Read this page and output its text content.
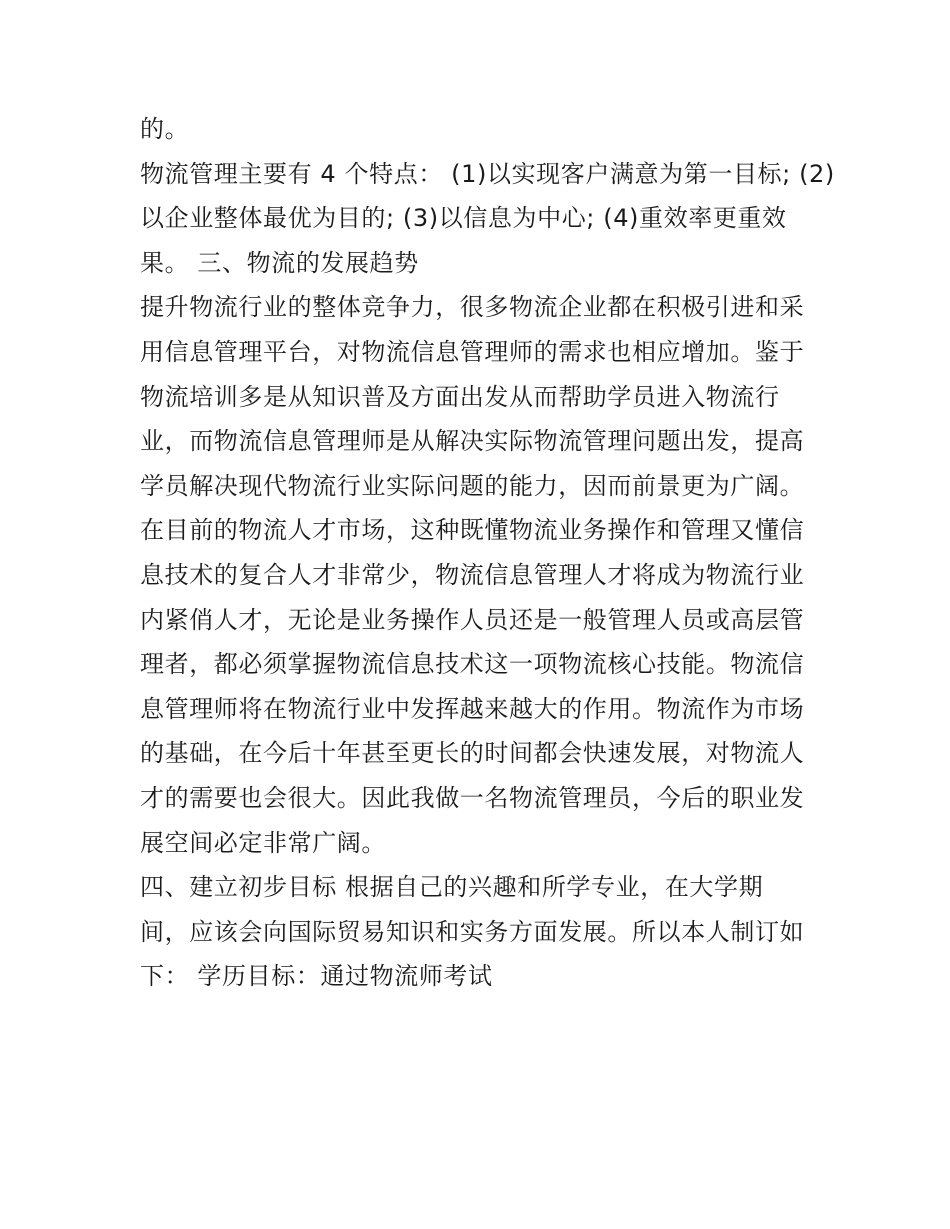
的。
物流管理主要有 4 个特点： (1)以实现客户满意为第一目标; (2)
以企业整体最优为目的; (3)以信息为中心; (4)重效率更重效
果。 三、物流的发展趋势
提升物流行业的整体竞争力，很多物流企业都在积极引进和采
用信息管理平台，对物流信息管理师的需求也相应增加。鉴于
物流培训多是从知识普及方面出发从而帮助学员进入物流行
业，而物流信息管理师是从解决实际物流管理问题出发，提高
学员解决现代物流行业实际问题的能力，因而前景更为广阔。
在目前的物流人才市场，这种既懂物流业务操作和管理又懂信
息技术的复合人才非常少，物流信息管理人才将成为物流行业
内紧俏人才，无论是业务操作人员还是一般管理人员或高层管
理者，都必须掌握物流信息技术这一项物流核心技能。物流信
息管理师将在物流行业中发挥越来越大的作用。物流作为市场
的基础，在今后十年甚至更长的时间都会快速发展，对物流人
才的需要也会很大。因此我做一名物流管理员，今后的职业发
展空间必定非常广阔。
四、建立初步目标 根据自己的兴趣和所学专业，在大学期
间，应该会向国际贸易知识和实务方面发展。所以本人制订如
下： 学历目标：通过物流师考试
